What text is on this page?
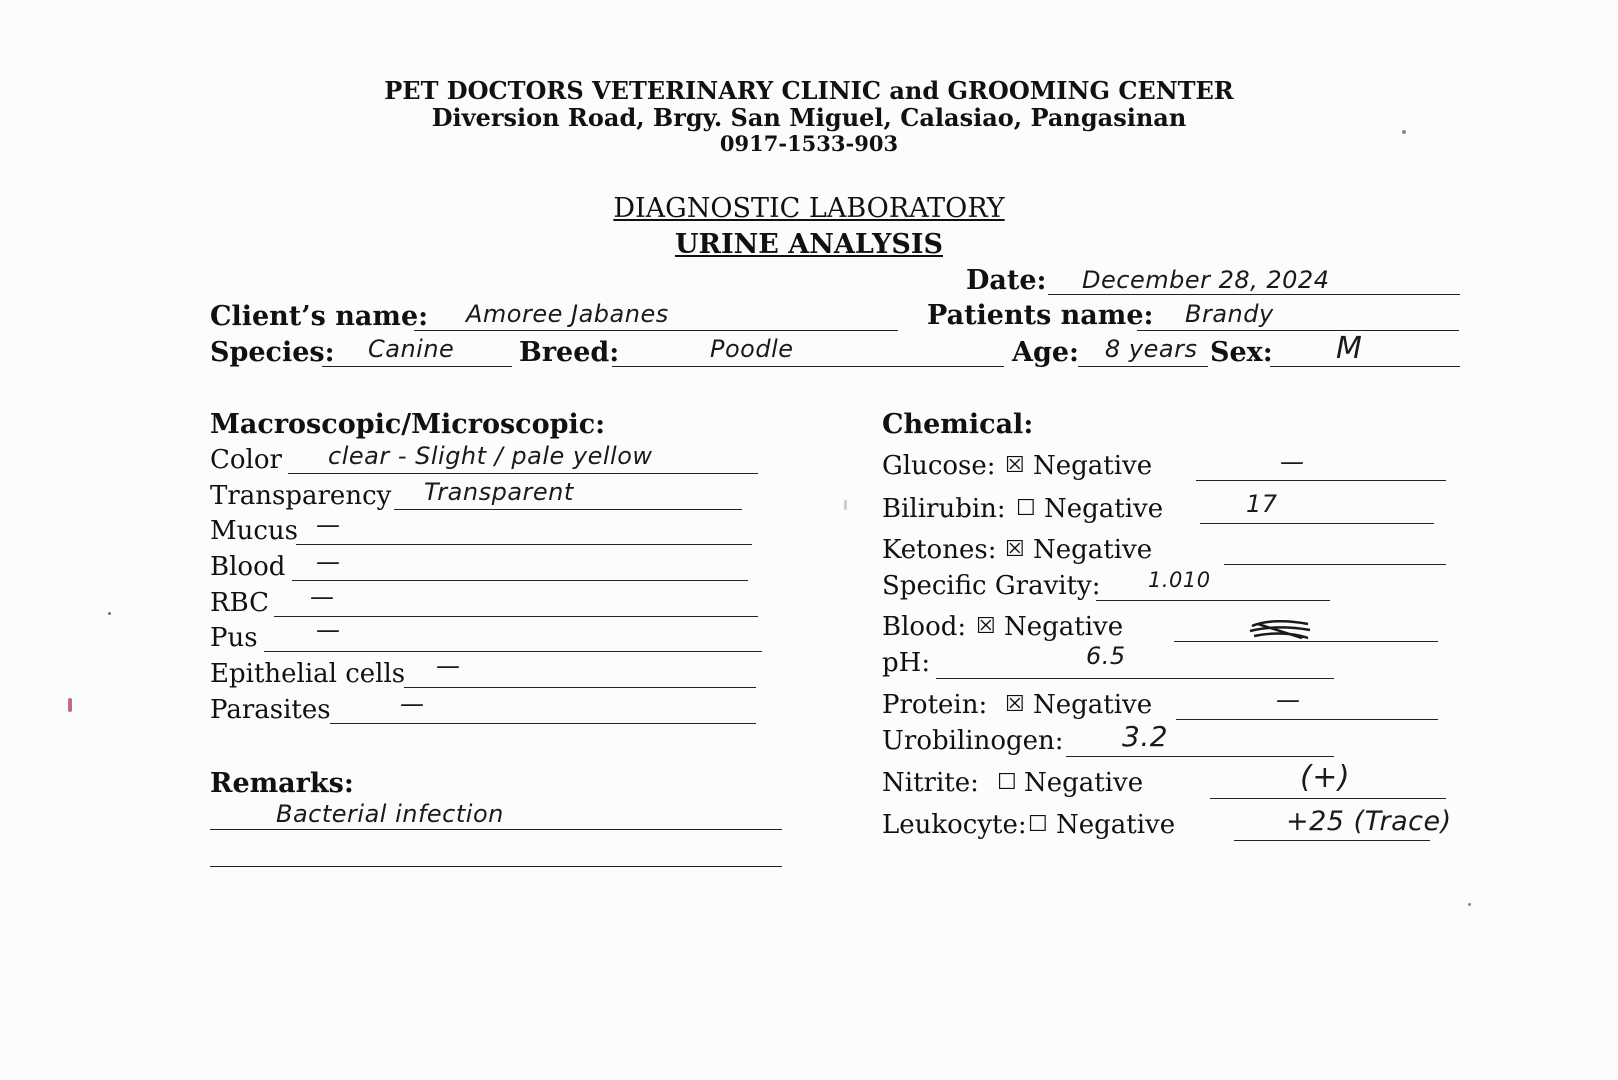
PET DOCTORS VETERINARY CLINIC and GROOMING CENTER
Diversion Road, Brgy. San Miguel, Calasiao, Pangasinan
0917-1533-903
DIAGNOSTIC LABORATORY
URINE ANALYSIS
Date: December 28, 2024
Client’s name: Amoree Jabanes	Patients name: Brandy
Species: Canine Breed:	Poodle	Age: 8 years Sex: M
Macroscopic/Microscopic:
Color clear - Slight / pale yellow
Transparency Transparent
Mucus —
Blood —
RBC —
Pus —
Epithelial cells —
Parasites	—
Remarks:
Bacterial infection
Chemical:
Glucose: ☒ Negative	—
Bilirubin: ☐ Negative	17
Ketones: ☒ Negative
Specific Gravity: 1.010
Blood: ☒ Negative
pH:	6.5
Protein: ☒ Negative	—
Urobilinogen: 3.2
Nitrite: ☐ Negative	(+)
Leukocyte: ☐ Negative	+25 (Trace)
